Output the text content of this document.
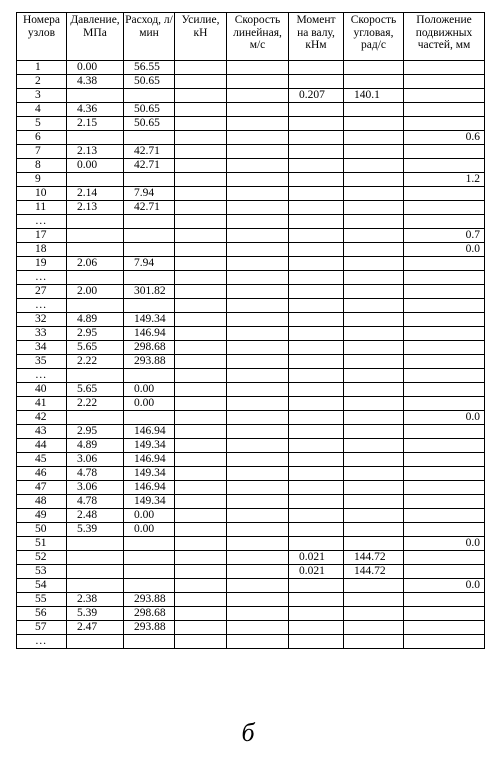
Номера узлов	Давление, МПа	Расход, л/мин	Усилие, кН	Скорость линейная, м/с	Момент на валу, кНм	Скорость угловая, рад/с	Положение подвижных частей, мм
1	0.00	56.55					
2	4.38	50.65					
3					0.207	140.1	
4	4.36	50.65					
5	2.15	50.65					
6							0.6
7	2.13	42.71					
8	0.00	42.71					
9							1.2
10	2.14	7.94					
11	2.13	42.71					
…							
17							0.7
18							0.0
19	2.06	7.94					
…							
27	2.00	301.82					
…							
32	4.89	149.34					
33	2.95	146.94					
34	5.65	298.68					
35	2.22	293.88					
…							
40	5.65	0.00					
41	2.22	0.00					
42							0.0
43	2.95	146.94					
44	4.89	149.34					
45	3.06	146.94					
46	4.78	149.34					
47	3.06	146.94					
48	4.78	149.34					
49	2.48	0.00					
50	5.39	0.00					
51							0.0
52					0.021	144.72	
53					0.021	144.72	
54							0.0
55	2.38	293.88					
56	5.39	298.68					
57	2.47	293.88					
…							
б
